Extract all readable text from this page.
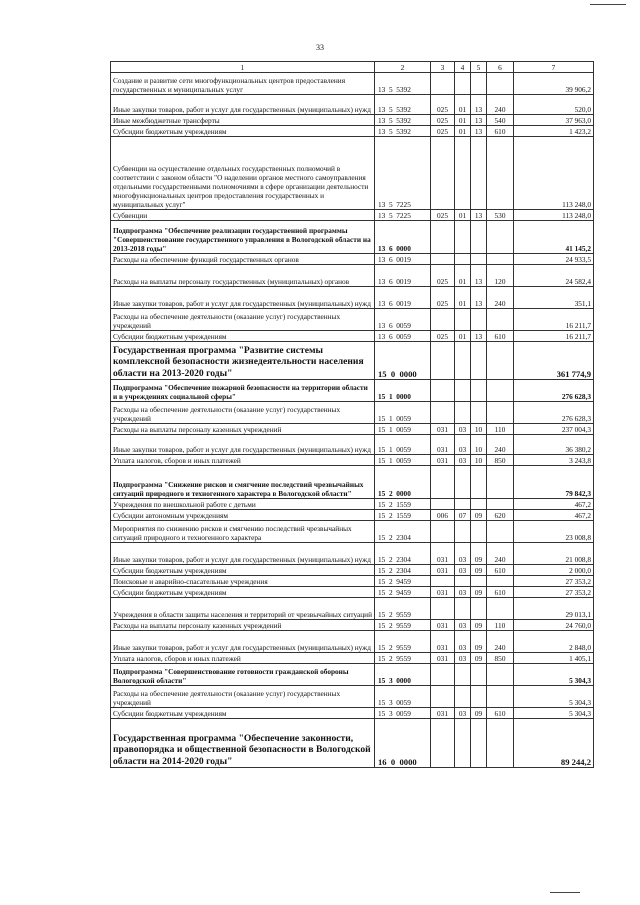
33
1	2	3	4	5	6	7
Создание и развитие сети многофункциональных центров предоставления государственных и муниципальных услуг	13  5  5392					39 906,2
Иные закупки товаров, работ и услуг для государственных (муниципальных) нужд	13  5  5392	025	01	13	240	520,0
Иные межбюджетные трансферты	13  5  5392	025	01	13	540	37 963,0
Субсидии бюджетным учреждениям	13  5  5392	025	01	13	610	1 423,2
Субвенции на осуществление отдельных государственных полномочий в соответствии с законом области "О наделении органов местного самоуправления отдельными государственными полномочиями в сфере организации деятельности многофункциональных центров предоставления государственных и муниципальных услуг"	13  5  7225					113 248,0
Субвенции	13  5  7225	025	01	13	530	113 248,0
Подпрограмма "Обеспечение реализации государственной программы "Совершенствование государственного управления в Вологодской области на 2013-2018 годы"	13  6  0000					41 145,2
Расходы на обеспечение функций государственных органов	13  6  0019					24 933,5
Расходы на выплаты персоналу государственных (муниципальных) органов	13  6  0019	025	01	13	120	24 582,4
Иные закупки товаров, работ и услуг для государственных (муниципальных) нужд	13  6  0019	025	01	13	240	351,1
Расходы на обеспечение деятельности (оказание услуг) государственных учреждений	13  6  0059					16 211,7
Субсидии бюджетным учреждениям	13  6  0059	025	01	13	610	16 211,7
Государственная программа "Развитие системы комплексной безопасности жизнедеятельности населения области на 2013-2020 годы"	15  0  0000					361 774,9
Подпрограмма "Обеспечение пожарной безопасности на территории области и в учреждениях социальной сферы"	15  1  0000					276 628,3
Расходы на обеспечение деятельности (оказание услуг) государственных учреждений	15  1  0059					276 628,3
Расходы на выплаты персоналу казенных учреждений	15  1  0059	031	03	10	110	237 004,3
Иные закупки товаров, работ и услуг для государственных (муниципальных) нужд	15  1  0059	031	03	10	240	36 380,2
Уплата налогов, сборов и иных платежей	15  1  0059	031	03	10	850	3 243,8
Подпрограмма "Снижение рисков и смягчение последствий чрезвычайных ситуаций природного и техногенного характера в Вологодской области"	15  2  0000					79 842,3
Учреждения по внешкольной работе с детьми	15  2  1559					467,2
Субсидии автономным учреждениям	15  2  1559	006	07	09	620	467,2
Мероприятия по снижению рисков и смягчению последствий чрезвычайных ситуаций природного и техногенного характера	15  2  2304					23 008,8
Иные закупки товаров, работ и услуг для государственных (муниципальных) нужд	15  2  2304	031	03	09	240	21 008,8
Субсидии бюджетным учреждениям	15  2  2304	031	03	09	610	2 000,0
Поисковые и аварийно-спасательные учреждения	15  2  9459					27 353,2
Субсидии бюджетным учреждениям	15  2  9459	031	03	09	610	27 353,2
Учреждения в области защиты населения и территорий от чрезвычайных ситуаций	15  2  9559					29 013,1
Расходы на выплаты персоналу казенных учреждений	15  2  9559	031	03	09	110	24 760,0
Иные закупки товаров, работ и услуг для государственных (муниципальных) нужд	15  2  9559	031	03	09	240	2 848,0
Уплата налогов, сборов и иных платежей	15  2  9559	031	03	09	850	1 405,1
Подпрограмма "Совершенствование готовности гражданской обороны Вологодской области"	15  3  0000					5 304,3
Расходы на обеспечение деятельности (оказание услуг) государственных учреждений	15  3  0059					5 304,3
Субсидии бюджетным учреждениям	15  3  0059	031	03	09	610	5 304,3
Государственная программа "Обеспечение законности, правопорядка и общественной безопасности в Вологодской области на 2014-2020 годы"	16  0  0000					89 244,2
